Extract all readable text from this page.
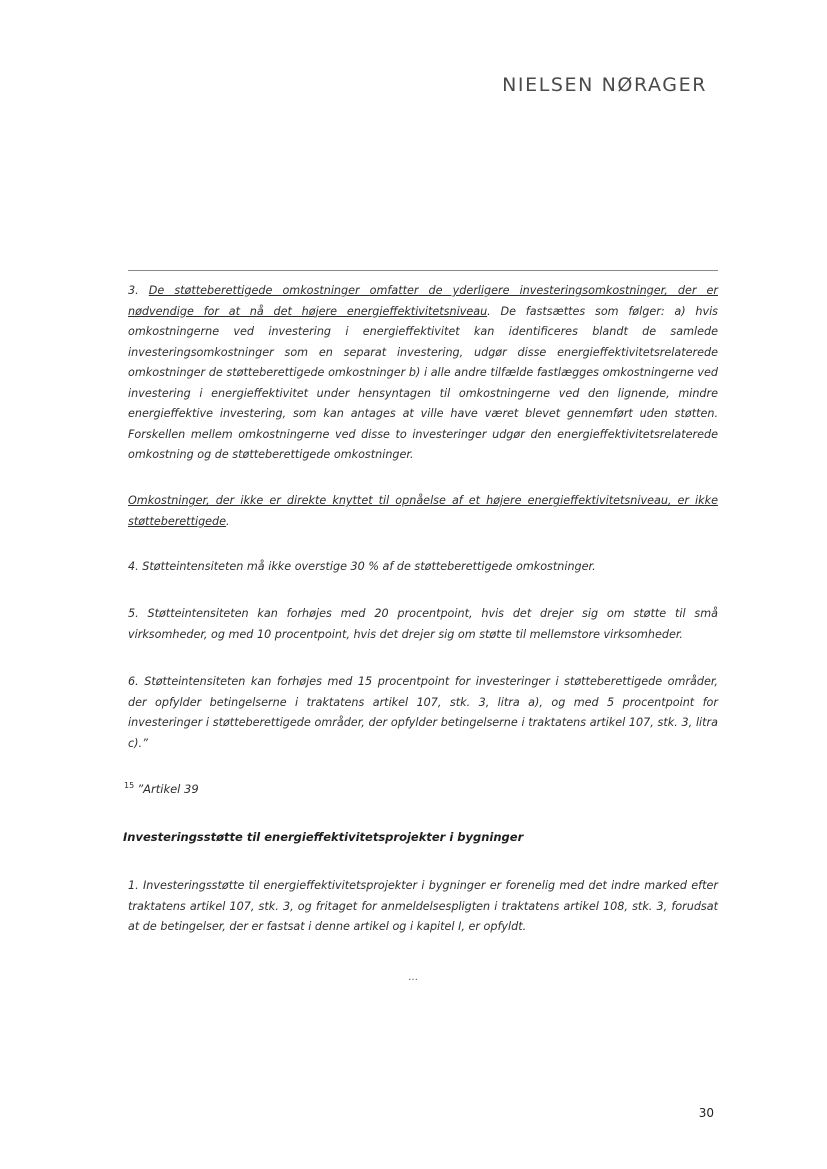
NIELSEN NØRAGER

3. De støtteberettigede omkostninger omfatter de yderligere investeringsomkostninger, der er nødvendige for at nå det højere energieffektivitetsniveau. De fastsættes som følger: a) hvis omkostningerne ved investering i energieffektivitet kan identificeres blandt de samlede investeringsomkostninger som en separat investering, udgør disse energieffektivitetsrelaterede omkostninger de støtteberettigede omkostninger b) i alle andre tilfælde fastlægges omkostningerne ved investering i energieffektivitet under hensyntagen til omkostningerne ved den lignende, mindre energieffektive investering, som kan antages at ville have været blevet gennemført uden støtten. Forskellen mellem omkostningerne ved disse to investeringer udgør den energieffektivitetsrelaterede omkostning og de støtteberettigede omkostninger.

Omkostninger, der ikke er direkte knyttet til opnåelse af et højere energieffektivitetsniveau, er ikke støtteberettigede.

4. Støtteintensiteten må ikke overstige 30 % af de støtteberettigede omkostninger.

5. Støtteintensiteten kan forhøjes med 20 procentpoint, hvis det drejer sig om støtte til små virksomheder, og med 10 procentpoint, hvis det drejer sig om støtte til mellemstore virksomheder.

6. Støtteintensiteten kan forhøjes med 15 procentpoint for investeringer i støtteberettigede områder, der opfylder betingelserne i traktatens artikel 107, stk. 3, litra a), og med 5 procentpoint for investeringer i støtteberettigede områder, der opfylder betingelserne i traktatens artikel 107, stk. 3, litra c).”

$^{15}$ ”Artikel 39

Investeringsstøtte til energieffektivitetsprojekter i bygninger

1. Investeringsstøtte til energieffektivitetsprojekter i bygninger er forenelig med det indre marked efter traktatens artikel 107, stk. 3, og fritaget for anmeldelsespligten i traktatens artikel 108, stk. 3, forudsat at de betingelser, der er fastsat i denne artikel og i kapitel I, er opfyldt.

…
30
